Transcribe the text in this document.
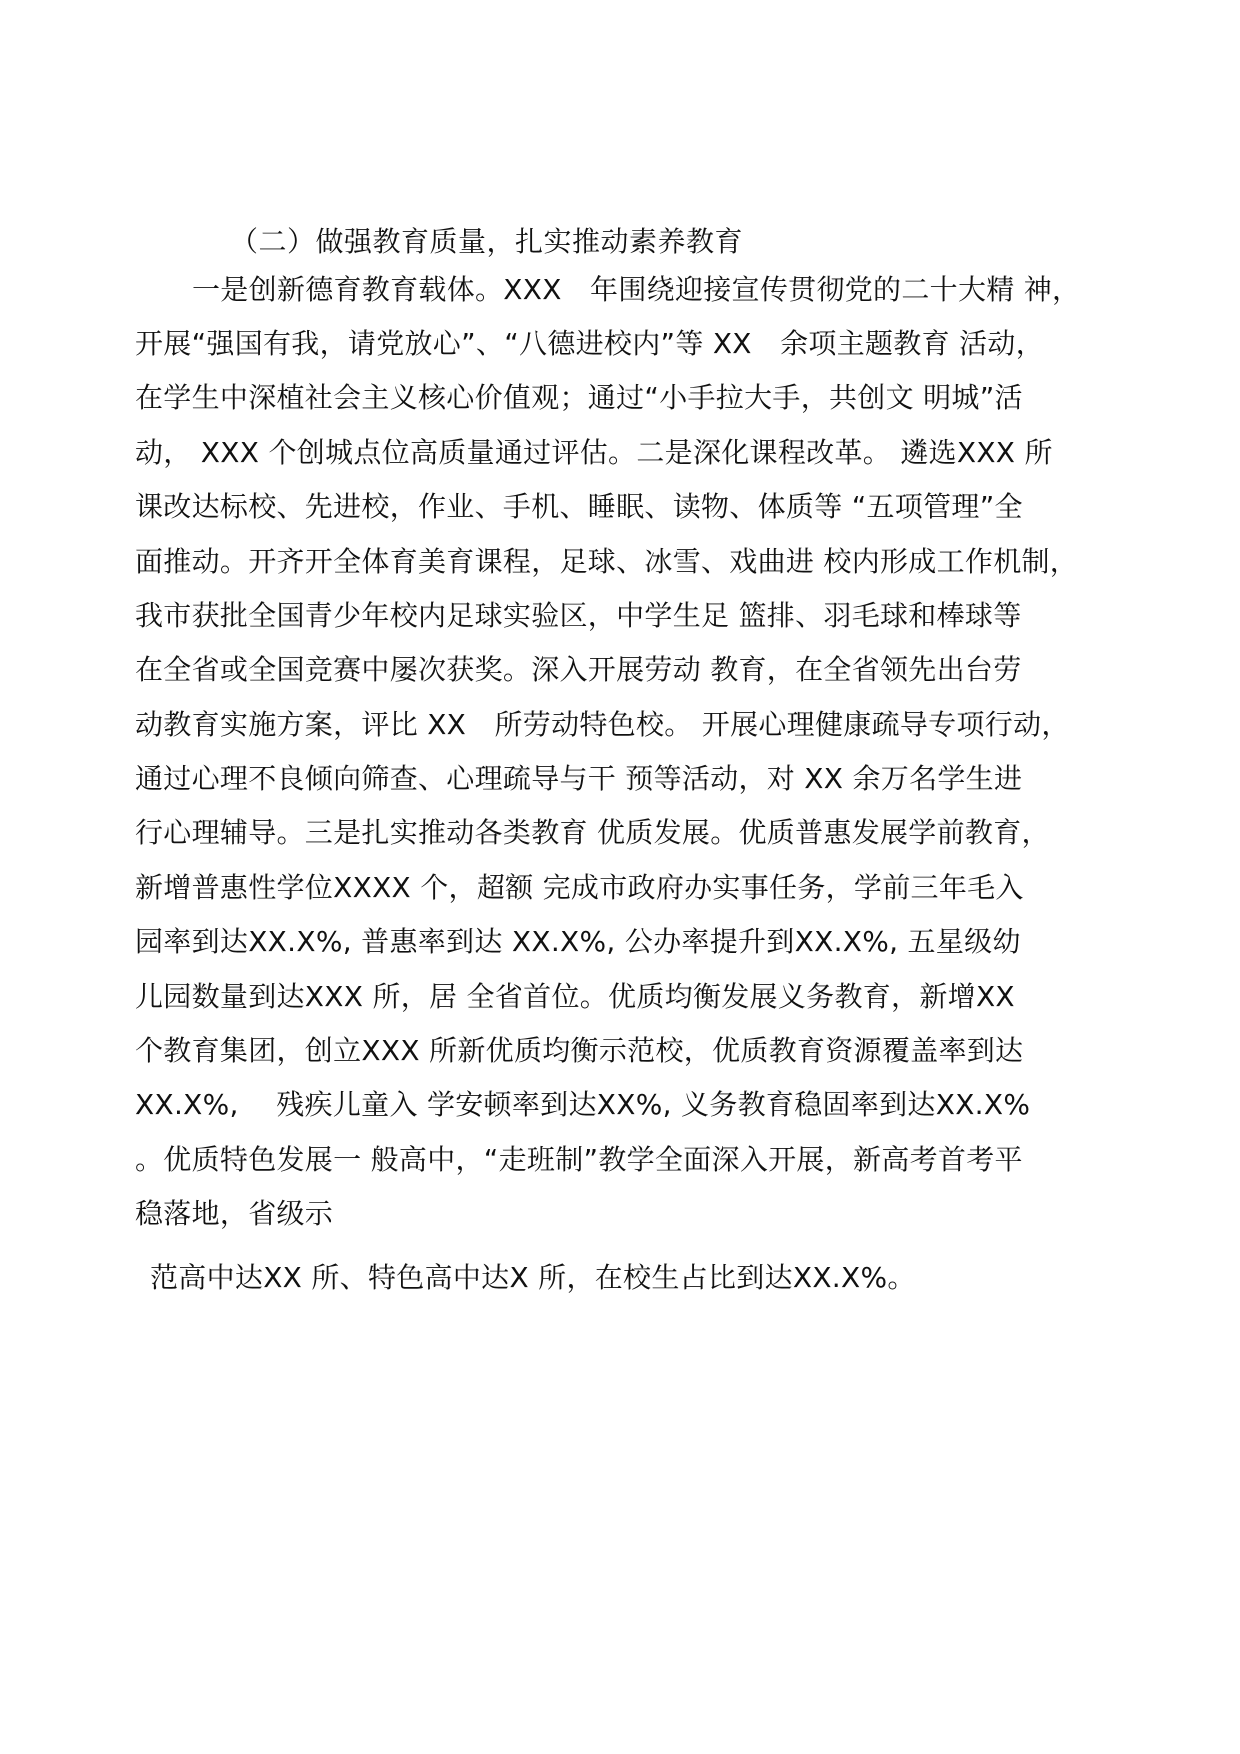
（二）做强教育质量，扎实推动素养教育
一是创新德育教育载体。XXX　年围绕迎接宣传贯彻党的二十大精 神，
开展“强国有我，请党放心”、“八德进校内”等 XX　余项主题教育 活动，
在学生中深植社会主义核心价值观；通过“小手拉大手，共创文 明城”活
动， XXX 个创城点位高质量通过评估。二是深化课程改革。 遴选XXX 所
课改达标校、先进校，作业、手机、睡眠、读物、体质等 “五项管理”全
面推动。开齐开全体育美育课程，足球、冰雪、戏曲进 校内形成工作机制，
我市获批全国青少年校内足球实验区，中学生足 篮排、羽毛球和棒球等
在全省或全国竞赛中屡次获奖。深入开展劳动 教育，在全省领先出台劳
动教育实施方案，评比 XX　所劳动特色校。 开展心理健康疏导专项行动，
通过心理不良倾向筛查、心理疏导与干 预等活动，对 XX 余万名学生进
行心理辅导。三是扎实推动各类教育 优质发展。优质普惠发展学前教育，
新增普惠性学位XXXX 个，超额 完成市政府办实事任务，学前三年毛入
园率到达XX.X%, 普惠率到达 XX.X%, 公办率提升到XX.X%, 五星级幼
儿园数量到达XXX 所，居 全省首位。优质均衡发展义务教育，新增XX
个教育集团，创立XXX 所新优质均衡示范校，优质教育资源覆盖率到达
XX.X%,　 残疾儿童入 学安顿率到达XX%, 义务教育稳固率到达XX.X%
。优质特色发展一 般高中，“走班制”教学全面深入开展，新高考首考平
稳落地，省级示
范高中达XX 所、特色高中达X 所，在校生占比到达XX.X%。
